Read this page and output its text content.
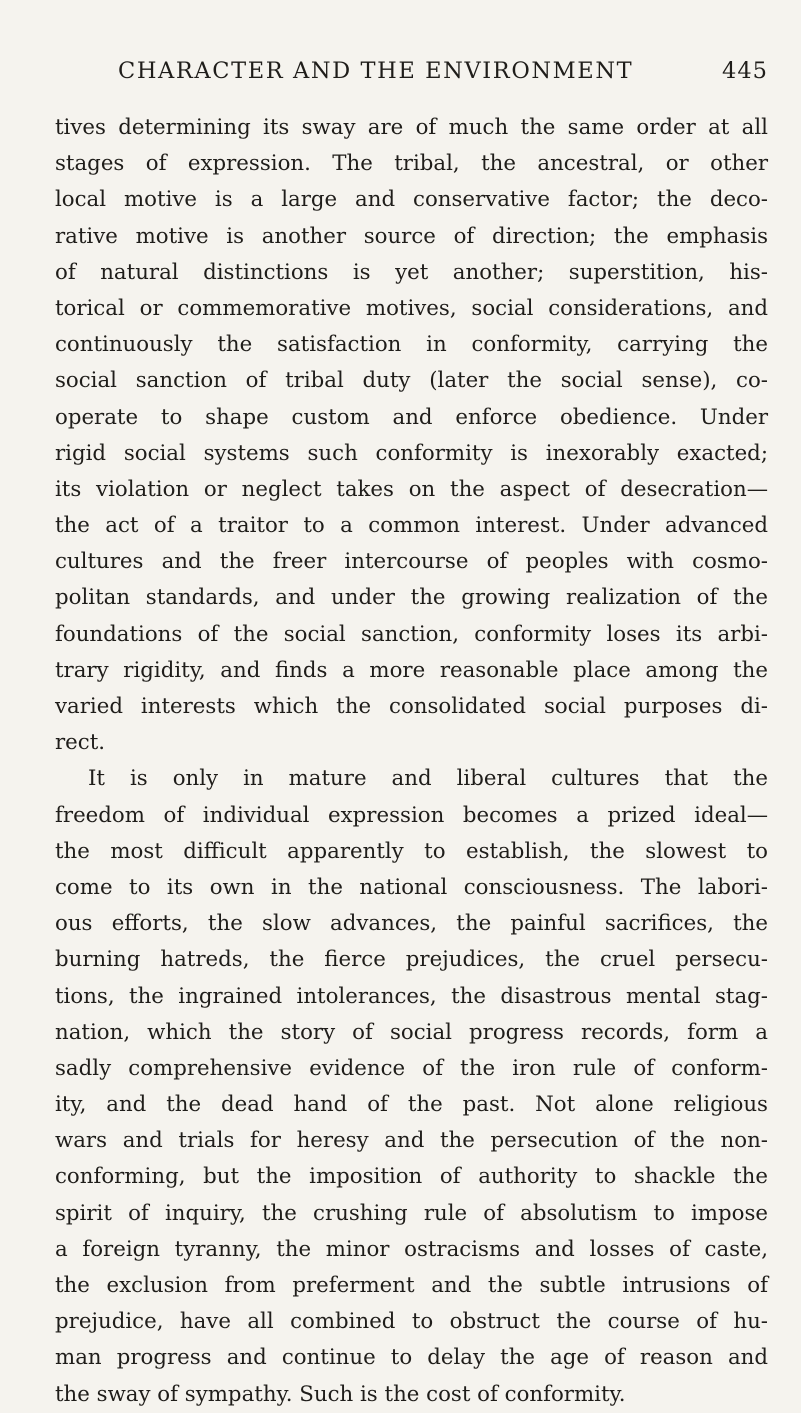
CHARACTER AND THE ENVIRONMENT	445
tives determining its sway are of much the same order at all
stages of expression. The tribal, the ancestral, or other
local motive is a large and conservative factor; the deco-
rative motive is another source of direction; the emphasis
of natural distinctions is yet another; superstition, his-
torical or commemorative motives, social considerations, and
continuously the satisfaction in conformity, carrying the
social sanction of tribal duty (later the social sense), co-
operate to shape custom and enforce obedience. Under
rigid social systems such conformity is inexorably exacted;
its violation or neglect takes on the aspect of desecration—
the act of a traitor to a common interest. Under advanced
cultures and the freer intercourse of peoples with cosmo-
politan standards, and under the growing realization of the
foundations of the social sanction, conformity loses its arbi-
trary rigidity, and finds a more reasonable place among the
varied interests which the consolidated social purposes di-
rect.
It is only in mature and liberal cultures that the
freedom of individual expression becomes a prized ideal—
the most difficult apparently to establish, the slowest to
come to its own in the national consciousness. The labori-
ous efforts, the slow advances, the painful sacrifices, the
burning hatreds, the fierce prejudices, the cruel persecu-
tions, the ingrained intolerances, the disastrous mental stag-
nation, which the story of social progress records, form a
sadly comprehensive evidence of the iron rule of conform-
ity, and the dead hand of the past. Not alone religious
wars and trials for heresy and the persecution of the non-
conforming, but the imposition of authority to shackle the
spirit of inquiry, the crushing rule of absolutism to impose
a foreign tyranny, the minor ostracisms and losses of caste,
the exclusion from preferment and the subtle intrusions of
prejudice, have all combined to obstruct the course of hu-
man progress and continue to delay the age of reason and
the sway of sympathy. Such is the cost of conformity.
